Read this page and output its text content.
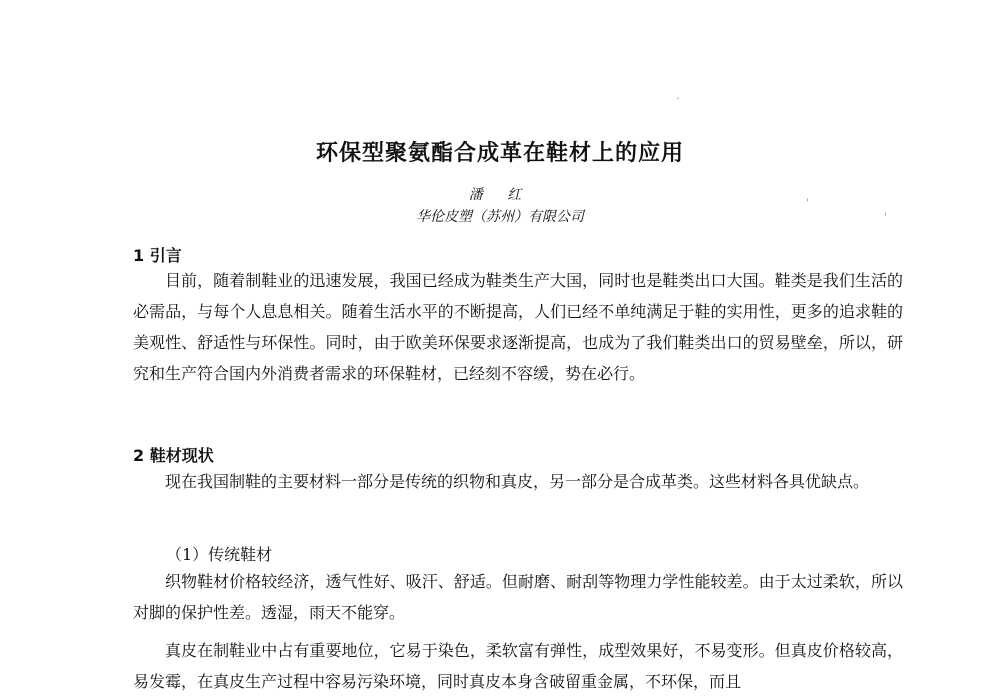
`
'
'
环保型聚氨酯合成革在鞋材上的应用
潘 红
华伦皮塑（苏州）有限公司
1 引言

目前，随着制鞋业的迅速发展，我国已经成为鞋类生产大国，同时也是鞋类出口大国。鞋类是我们生活的必需品，与每个人息息相关。随着生活水平的不断提高，人们已经不单纯满足于鞋的实用性，更多的追求鞋的美观性、舒适性与环保性。同时，由于欧美环保要求逐渐提高，也成为了我们鞋类出口的贸易壁垒，所以，研究和生产符合国内外消费者需求的环保鞋材，已经刻不容缓，势在必行。

2 鞋材现状

现在我国制鞋的主要材料一部分是传统的织物和真皮，另一部分是合成革类。这些材料各具优缺点。

（1）传统鞋材

织物鞋材价格较经济，透气性好、吸汗、舒适。但耐磨、耐刮等物理力学性能较差。由于太过柔软，所以对脚的保护性差。透湿，雨天不能穿。

真皮在制鞋业中占有重要地位，它易于染色，柔软富有弹性，成型效果好，不易变形。但真皮价格较高，易发霉，在真皮生产过程中容易污染环境，同时真皮本身含破留重金属，不环保，而且
